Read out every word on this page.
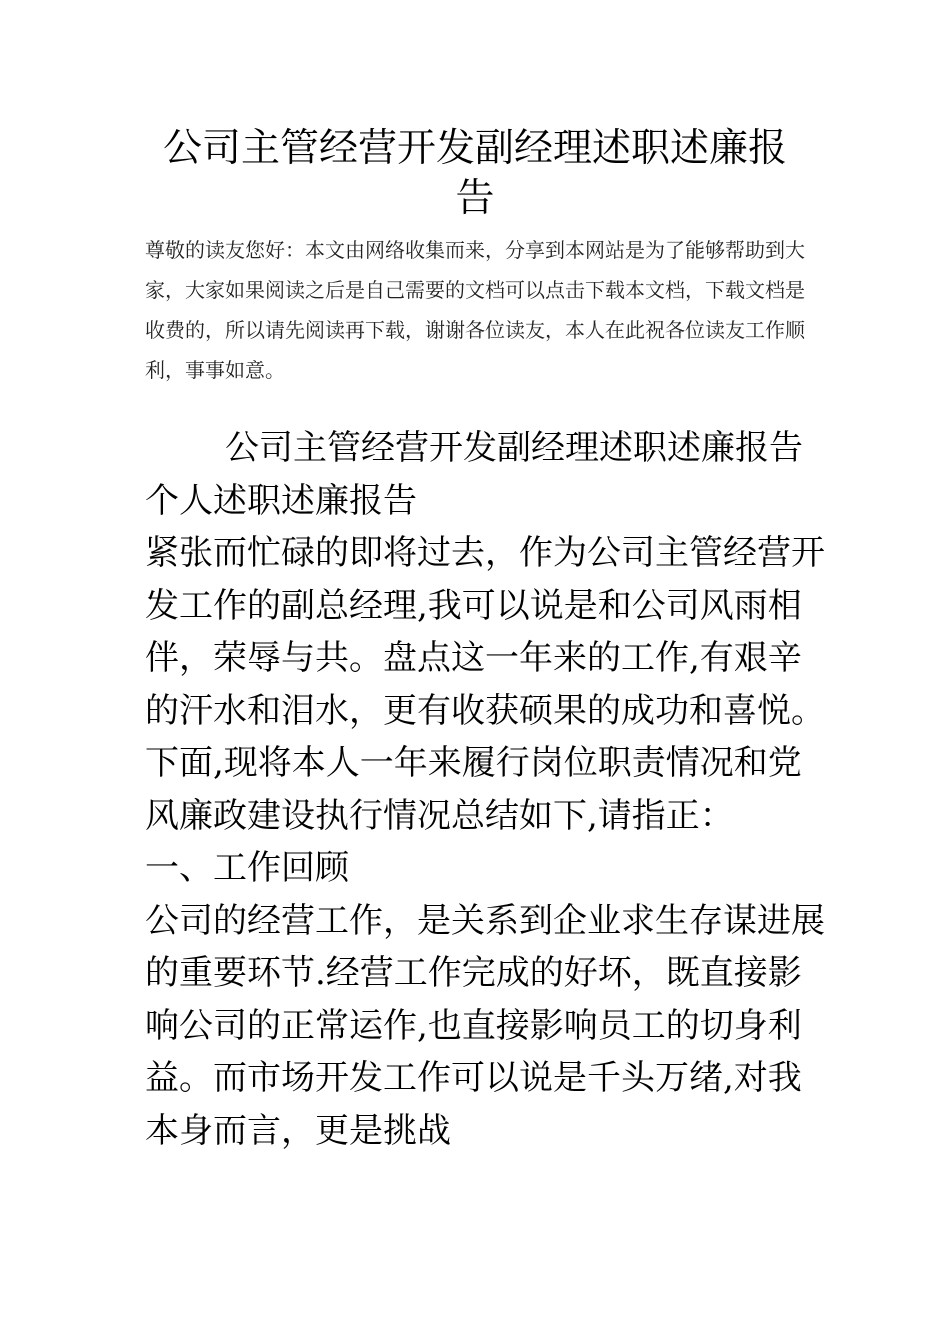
公司主管经营开发副经理述职述廉报告

尊敬的读友您好：本文由网络收集而来，分享到本网站是为了能够帮助到大家，大家如果阅读之后是自己需要的文档可以点击下载本文档，下载文档是收费的，所以请先阅读再下载，谢谢各位读友，本人在此祝各位读友工作顺利，事事如意。

公司主管经营开发副经理述职述廉报告

个人述职述廉报告

紧张而忙碌的即将过去，作为公司主管经营开发工作的副总经理,我可以说是和公司风雨相伴，荣辱与共。盘点这一年来的工作,有艰辛的汗水和泪水，更有收获硕果的成功和喜悦。下面,现将本人一年来履行岗位职责情况和党风廉政建设执行情况总结如下,请指正：

一、工作回顾

公司的经营工作，是关系到企业求生存谋进展的重要环节.经营工作完成的好坏，既直接影响公司的正常运作,也直接影响员工的切身利益。而市场开发工作可以说是千头万绪,对我本身而言，更是挑战
